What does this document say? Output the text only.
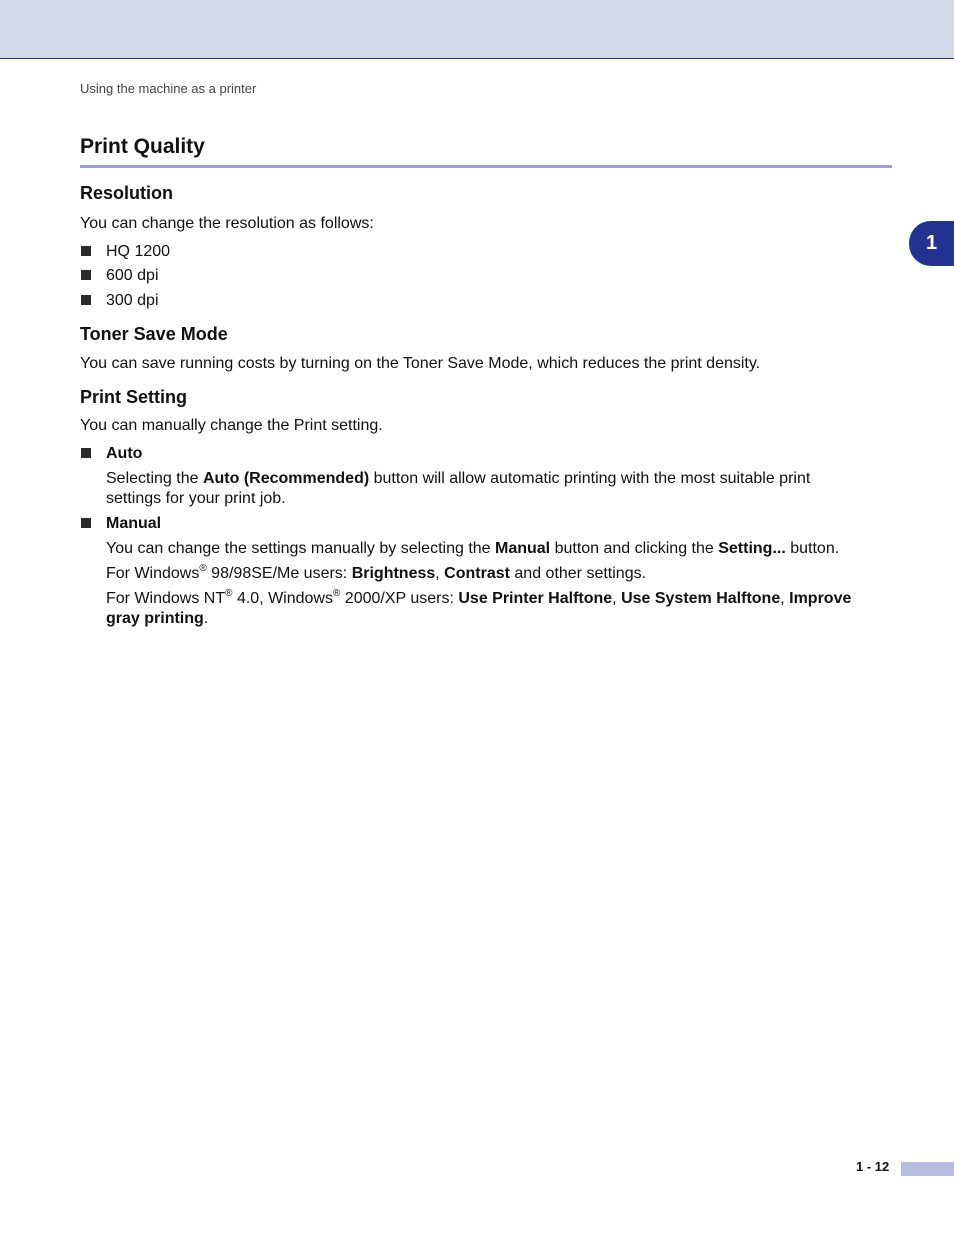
Using the machine as a printer
1
Print Quality
Resolution
You can change the resolution as follows:
HQ 1200
600 dpi
300 dpi
Toner Save Mode
You can save running costs by turning on the Toner Save Mode, which reduces the print density.
Print Setting
You can manually change the Print setting.
Auto
Selecting the Auto (Recommended) button will allow automatic printing with the most suitable print
settings for your print job.
Manual
You can change the settings manually by selecting the Manual button and clicking the Setting... button.
For Windows® 98/98SE/Me users: Brightness, Contrast and other settings.
For Windows NT® 4.0, Windows® 2000/XP users: Use Printer Halftone, Use System Halftone, Improve
gray printing.
1 - 12
